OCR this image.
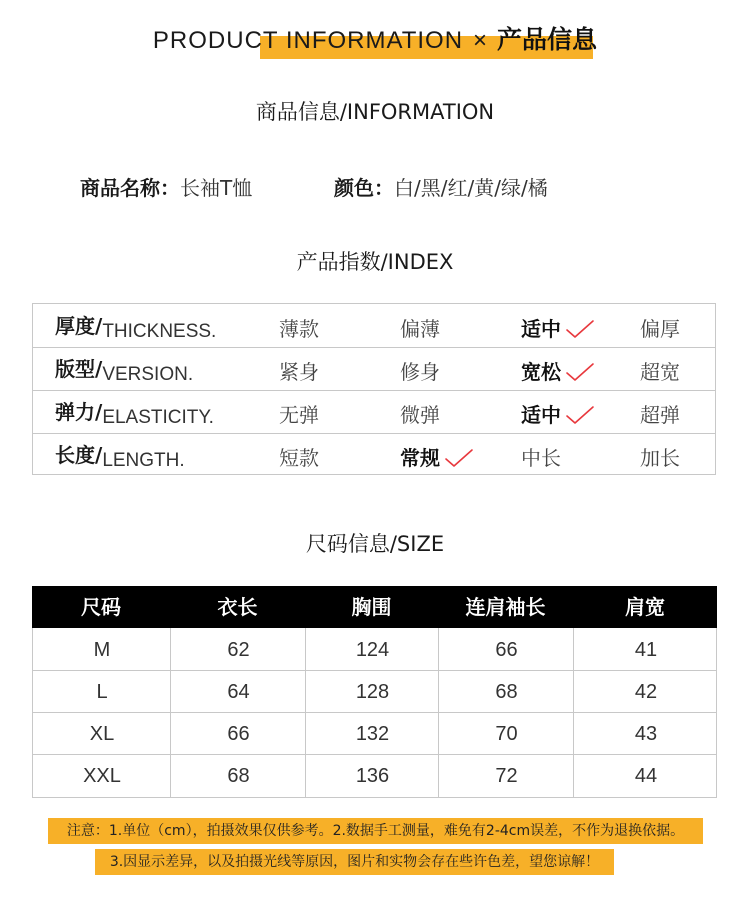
PRODUCT INFORMATION × 产品信息
商品信息/INFORMATION
商品名称：长袖T恤	颜色：白/黑/红/黄/绿/橘
产品指数/INDEX
厚度/THICKNESS.	薄款	偏薄	适中	偏厚
版型/VERSION.	紧身	修身	宽松	超宽
弹力/ELASTICITY.	无弹	微弹	适中	超弹
长度/LENGTH.	短款	常规	中长	加长
尺码信息/SIZE
尺码	衣长	胸围	连肩袖长	肩宽
M	62	124	66	41
L	64	128	68	42
XL	66	132	70	43
XXL	68	136	72	44
注意：1.单位（cm），拍摄效果仅供参考。2.数据手工测量，难免有2-4cm误差，不作为退换依据。
3.因显示差异，以及拍摄光线等原因，图片和实物会存在些许色差，望您谅解！
